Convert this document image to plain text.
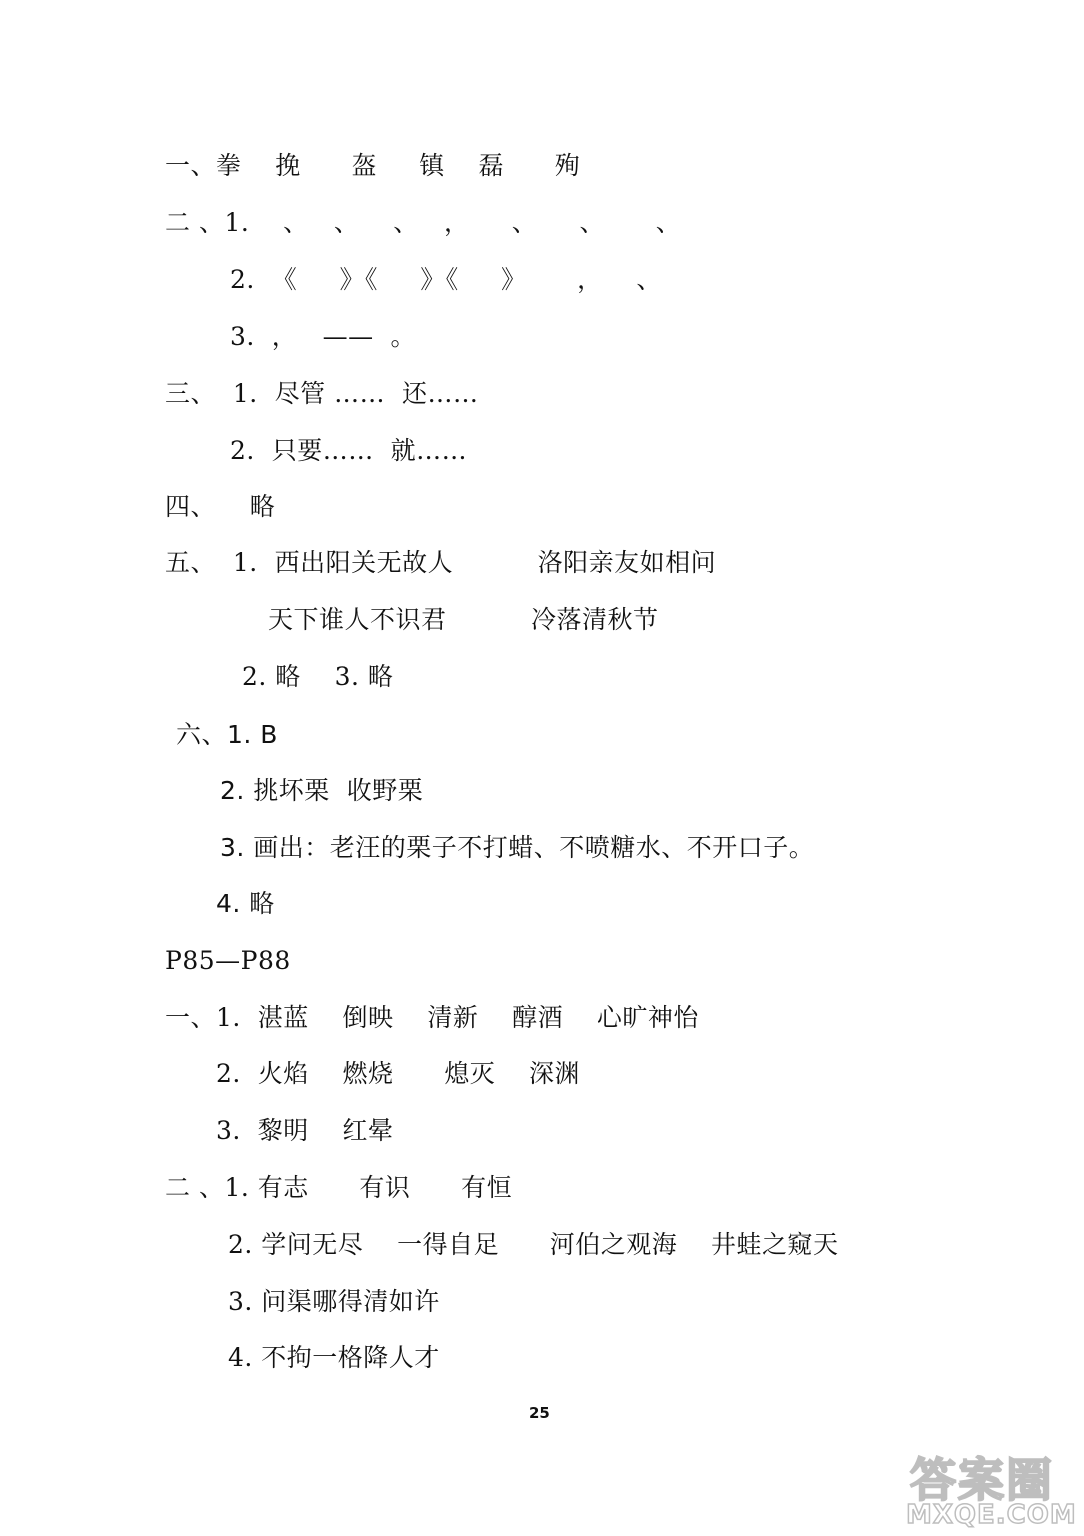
一、拳    挽      盔     镇    磊      殉
二 、1.    、   、    、   ，     、     、      、
2.  《     》《     》《     》      ，    、
3.  ，   ——  。
三、  1.  尽管 ……  还……
2.  只要……  就……
四、    略
五、  1.  西出阳关无故人          洛阳亲友如相问
天下谁人不识君          冷落清秋节
2. 略    3. 略
六、1. B
2. 挑坏栗  收野栗
3. 画出：老汪的栗子不打蜡、不喷糖水、不开口子。
4. 略
P85—P88
一、1.  湛蓝    倒映    清新    醇酒    心旷神怡
2.  火焰    燃烧      熄灭    深渊
3.  黎明    红晕
二 、1. 有志      有识      有恒
2. 学问无尽    一得自足      河伯之观海    井蛙之窥天
3. 问渠哪得清如许
4. 不拘一格降人才
25
答案圈
MXQE.COM
